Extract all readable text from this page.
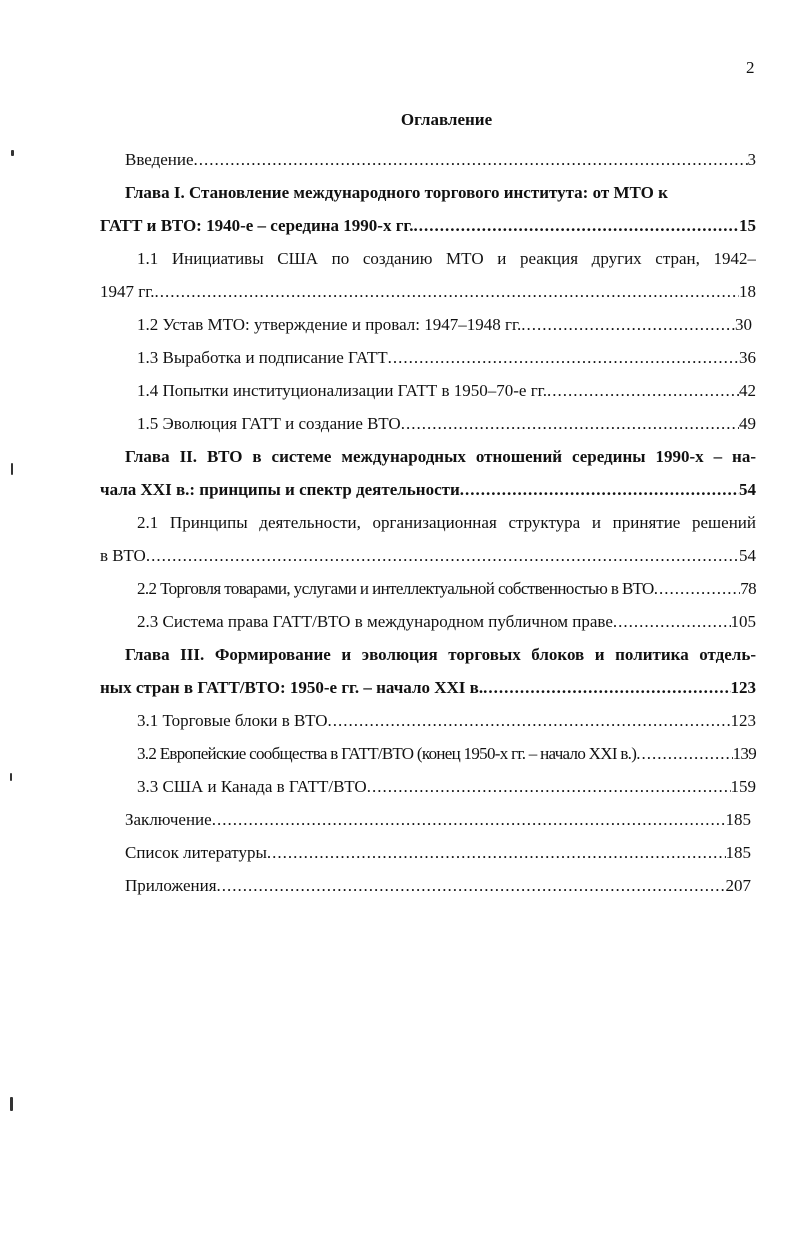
2
Оглавление
Введение .....	3
Глава I. Становление международного торгового института: от МТО к
ГАТТ и ВТО: 1940-е – середина 1990-х гг. .....	15
1.1 Инициативы США по созданию МТО и реакция других стран, 1942–
1947 гг. .....	18
1.2 Устав МТО: утверждение и провал: 1947–1948 гг. .....	30
1.3 Выработка и подписание ГАТТ .....	36
1.4 Попытки институционализации ГАТТ в 1950–70-е гг. .....	42
1.5 Эволюция ГАТТ и создание ВТО .....	49
Глава II. ВТО в системе международных отношений середины 1990-х – на-
чала XXI в.: принципы и спектр деятельности .....	54
2.1 Принципы деятельности, организационная структура и принятие решений
в ВТО .....	54
2.2 Торговля товарами, услугами и интеллектуальной собственностью в ВТО .....	78
2.3 Система права ГАТТ/ВТО в международном публичном праве .....	105
Глава III. Формирование и эволюция торговых блоков и политика отдель-
ных стран в ГАТТ/ВТО: 1950-е гг. – начало XXI в. .....	123
3.1 Торговые блоки в ВТО .....	123
3.2 Европейские сообщества в ГАТТ/ВТО (конец 1950-х гг. – начало XXI в.) .....	139
3.3 США и Канада в ГАТТ/ВТО .....	159
Заключение .....	185
Список литературы .....	185
Приложения .....	207
